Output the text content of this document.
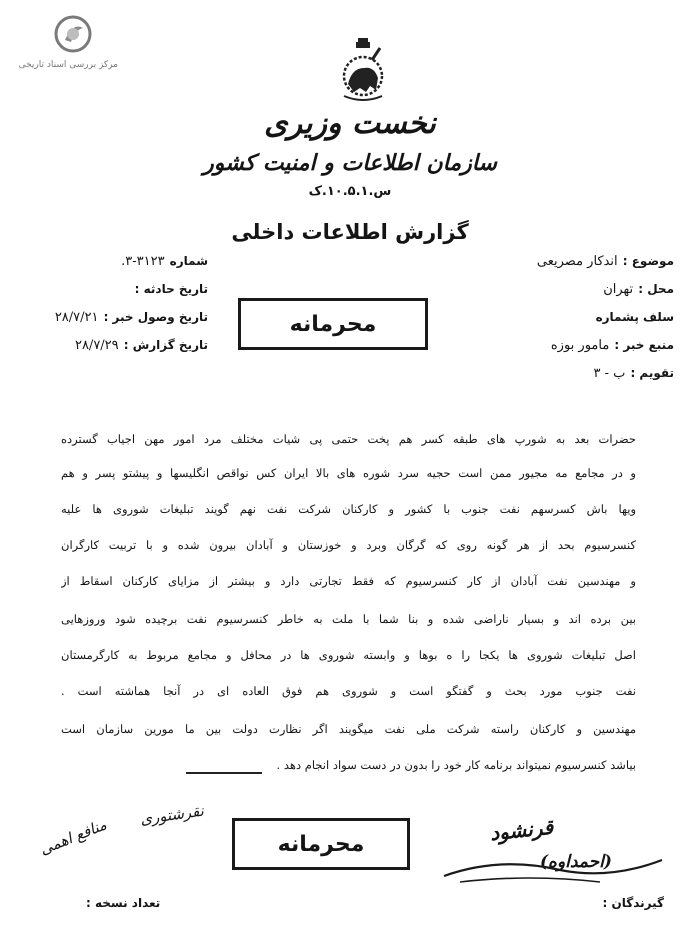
مرکز بررسی اسناد تاریخی
نخست وزیری
سازمان اطلاعات و امنیت کشور
س.۱۰.۵.۱.ک
گزارش اطلاعات داخلی
شماره ۳۱۲۳-۳.
تاریخ حادثه :
تاریخ وصول خبر : ۲۸/۷/۲۱
تاریخ گزارش : ۲۸/۷/۲۹
محرمانه
موضوع : اندکار مصریعی
محل : تهران
سلف پشماره
منبع خبر : مامور بوزه
تقویم : ب - ۳
حضرات بعد به شورپ های طبقه کسر هم پخت حتمی پی شیات مختلف مرد امور مهن اجیاب گسترده
و در مجامع مه مجیور ممن است حجیه سرد شوره های بالا ایران کس نواقص انگلیسها و پیشتو پسر و هم
ویها باش کسرسهم نفت جنوب با کشور و کارکنان شرکت نفت نهم گویند تبلیغات شوروی ها علیه
کنسرسیوم بحد از هر گونه روی که گرگان وبرد و خوزستان و آبادان بیرون شده و با تربیت کارگران
و مهندسین نفت آبادان از کار کنسرسیوم که فقط تجارتی دارد و بیشتر از مزایای کارکنان اسقاط از
بین برده اند و بسیار ناراضی شده و بنا شما با ملت به خاطر کنسرسیوم نفت برچیده شود وروزهایی
اصل تبلیغات شوروی ها یکجا را ه بوها و وابسته شوروی ها در محافل و مجامع مربوط به کارگرمستان
نفت جنوب مورد بحث و گفتگو است و شوروی هم فوق العاده ای در آنجا هماشته است .
مهندسین و کارکنان راسته شرکت ملی نفت میگویند اگر نظارت دولت بین ما مورین سازمان است
بیاشد کنسرسیوم نمیتواند برنامه کار خود را بدون در دست سواد انجام دهد .
محرمانه
نقرشتوری
منافع اهمی	قرنشود
(احمداوه)
گیرندگان :
تعداد نسخه :
